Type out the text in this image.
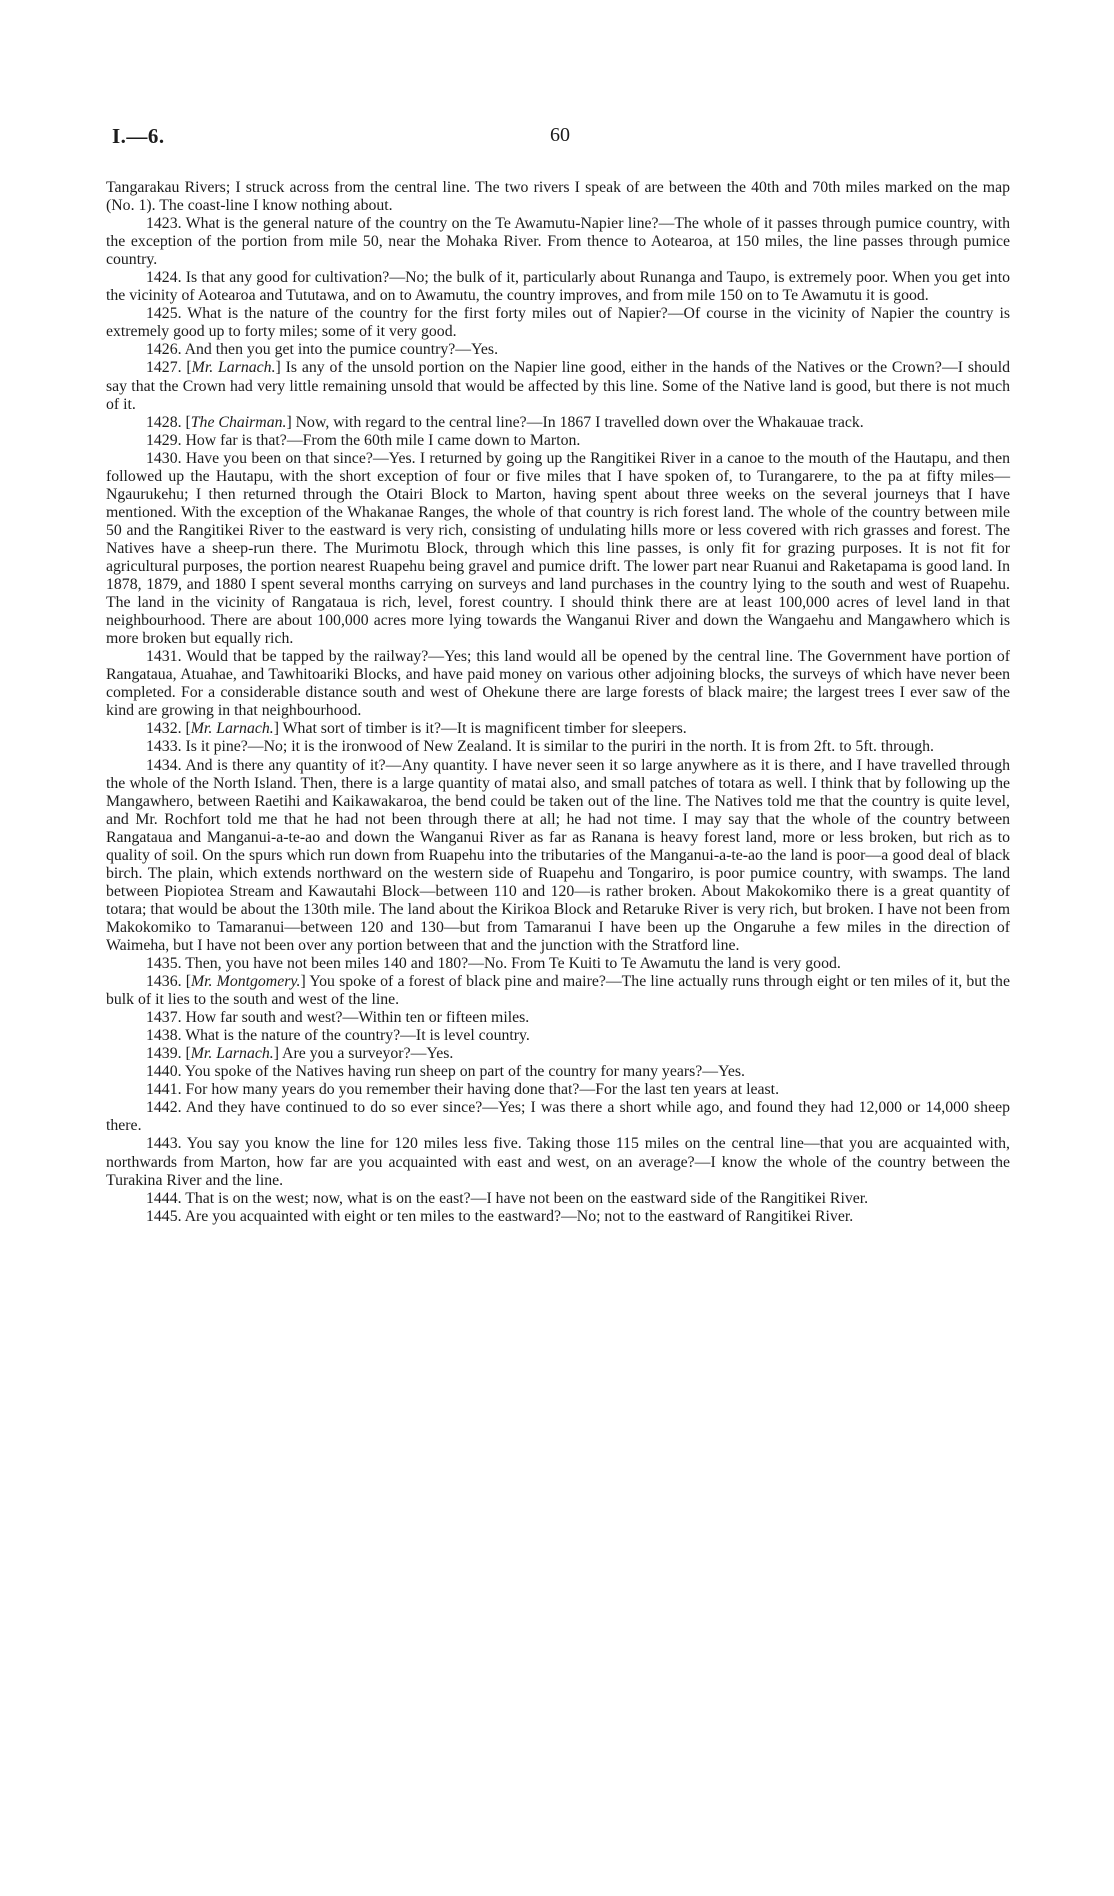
I.—6.	60

Tangarakau Rivers; I struck across from the central line. The two rivers I speak of are between the 40th and 70th miles marked on the map (No. 1). The coast-line I know nothing about.

1423. What is the general nature of the country on the Te Awamutu-Napier line?—The whole of it passes through pumice country, with the exception of the portion from mile 50, near the Mohaka River. From thence to Aotearoa, at 150 miles, the line passes through pumice country.

1424. Is that any good for cultivation?—No; the bulk of it, particularly about Runanga and Taupo, is extremely poor. When you get into the vicinity of Aotearoa and Tututawa, and on to Awamutu, the country improves, and from mile 150 on to Te Awamutu it is good.

1425. What is the nature of the country for the first forty miles out of Napier?—Of course in the vicinity of Napier the country is extremely good up to forty miles; some of it very good.

1426. And then you get into the pumice country?—Yes.

1427. [Mr. Larnach.] Is any of the unsold portion on the Napier line good, either in the hands of the Natives or the Crown?—I should say that the Crown had very little remaining unsold that would be affected by this line. Some of the Native land is good, but there is not much of it.

1428. [The Chairman.] Now, with regard to the central line?—In 1867 I travelled down over the Whakauae track.

1429. How far is that?—From the 60th mile I came down to Marton.

1430. Have you been on that since?—Yes. I returned by going up the Rangitikei River in a canoe to the mouth of the Hautapu, and then followed up the Hautapu, with the short exception of four or five miles that I have spoken of, to Turangarere, to the pa at fifty miles—Ngaurukehu; I then returned through the Otairi Block to Marton, having spent about three weeks on the several journeys that I have mentioned. With the exception of the Whakanae Ranges, the whole of that country is rich forest land. The whole of the country between mile 50 and the Rangitikei River to the eastward is very rich, consisting of undulating hills more or less covered with rich grasses and forest. The Natives have a sheep-run there. The Murimotu Block, through which this line passes, is only fit for grazing purposes. It is not fit for agricultural purposes, the portion nearest Ruapehu being gravel and pumice drift. The lower part near Ruanui and Raketapama is good land. In 1878, 1879, and 1880 I spent several months carrying on surveys and land purchases in the country lying to the south and west of Ruapehu. The land in the vicinity of Rangataua is rich, level, forest country. I should think there are at least 100,000 acres of level land in that neighbourhood. There are about 100,000 acres more lying towards the Wanganui River and down the Wangaehu and Mangawhero which is more broken but equally rich.

1431. Would that be tapped by the railway?—Yes; this land would all be opened by the central line. The Government have portion of Rangataua, Atuahae, and Tawhitoariki Blocks, and have paid money on various other adjoining blocks, the surveys of which have never been completed. For a considerable distance south and west of Ohekune there are large forests of black maire; the largest trees I ever saw of the kind are growing in that neighbourhood.

1432. [Mr. Larnach.] What sort of timber is it?—It is magnificent timber for sleepers.

1433. Is it pine?—No; it is the ironwood of New Zealand. It is similar to the puriri in the north. It is from 2ft. to 5ft. through.

1434. And is there any quantity of it?—Any quantity. I have never seen it so large anywhere as it is there, and I have travelled through the whole of the North Island. Then, there is a large quantity of matai also, and small patches of totara as well. I think that by following up the Mangawhero, between Raetihi and Kaikawakaroa, the bend could be taken out of the line. The Natives told me that the country is quite level, and Mr. Rochfort told me that he had not been through there at all; he had not time. I may say that the whole of the country between Rangataua and Manganui-a-te-ao and down the Wanganui River as far as Ranana is heavy forest land, more or less broken, but rich as to quality of soil. On the spurs which run down from Ruapehu into the tributaries of the Manganui-a-te-ao the land is poor—a good deal of black birch. The plain, which extends northward on the western side of Ruapehu and Tongariro, is poor pumice country, with swamps. The land between Piopiotea Stream and Kawautahi Block—between 110 and 120—is rather broken. About Makokomiko there is a great quantity of totara; that would be about the 130th mile. The land about the Kirikoa Block and Retaruke River is very rich, but broken. I have not been from Makokomiko to Tamaranui—between 120 and 130—but from Tamaranui I have been up the Ongaruhe a few miles in the direction of Waimeha, but I have not been over any portion between that and the junction with the Stratford line.

1435. Then, you have not been miles 140 and 180?—No. From Te Kuiti to Te Awamutu the land is very good.

1436. [Mr. Montgomery.] You spoke of a forest of black pine and maire?—The line actually runs through eight or ten miles of it, but the bulk of it lies to the south and west of the line.

1437. How far south and west?—Within ten or fifteen miles.

1438. What is the nature of the country?—It is level country.

1439. [Mr. Larnach.] Are you a surveyor?—Yes.

1440. You spoke of the Natives having run sheep on part of the country for many years?—Yes.

1441. For how many years do you remember their having done that?—For the last ten years at least.

1442. And they have continued to do so ever since?—Yes; I was there a short while ago, and found they had 12,000 or 14,000 sheep there.

1443. You say you know the line for 120 miles less five. Taking those 115 miles on the central line—that you are acquainted with, northwards from Marton, how far are you acquainted with east and west, on an average?—I know the whole of the country between the Turakina River and the line.

1444. That is on the west; now, what is on the east?—I have not been on the eastward side of the Rangitikei River.

1445. Are you acquainted with eight or ten miles to the eastward?—No; not to the eastward of Rangitikei River.
